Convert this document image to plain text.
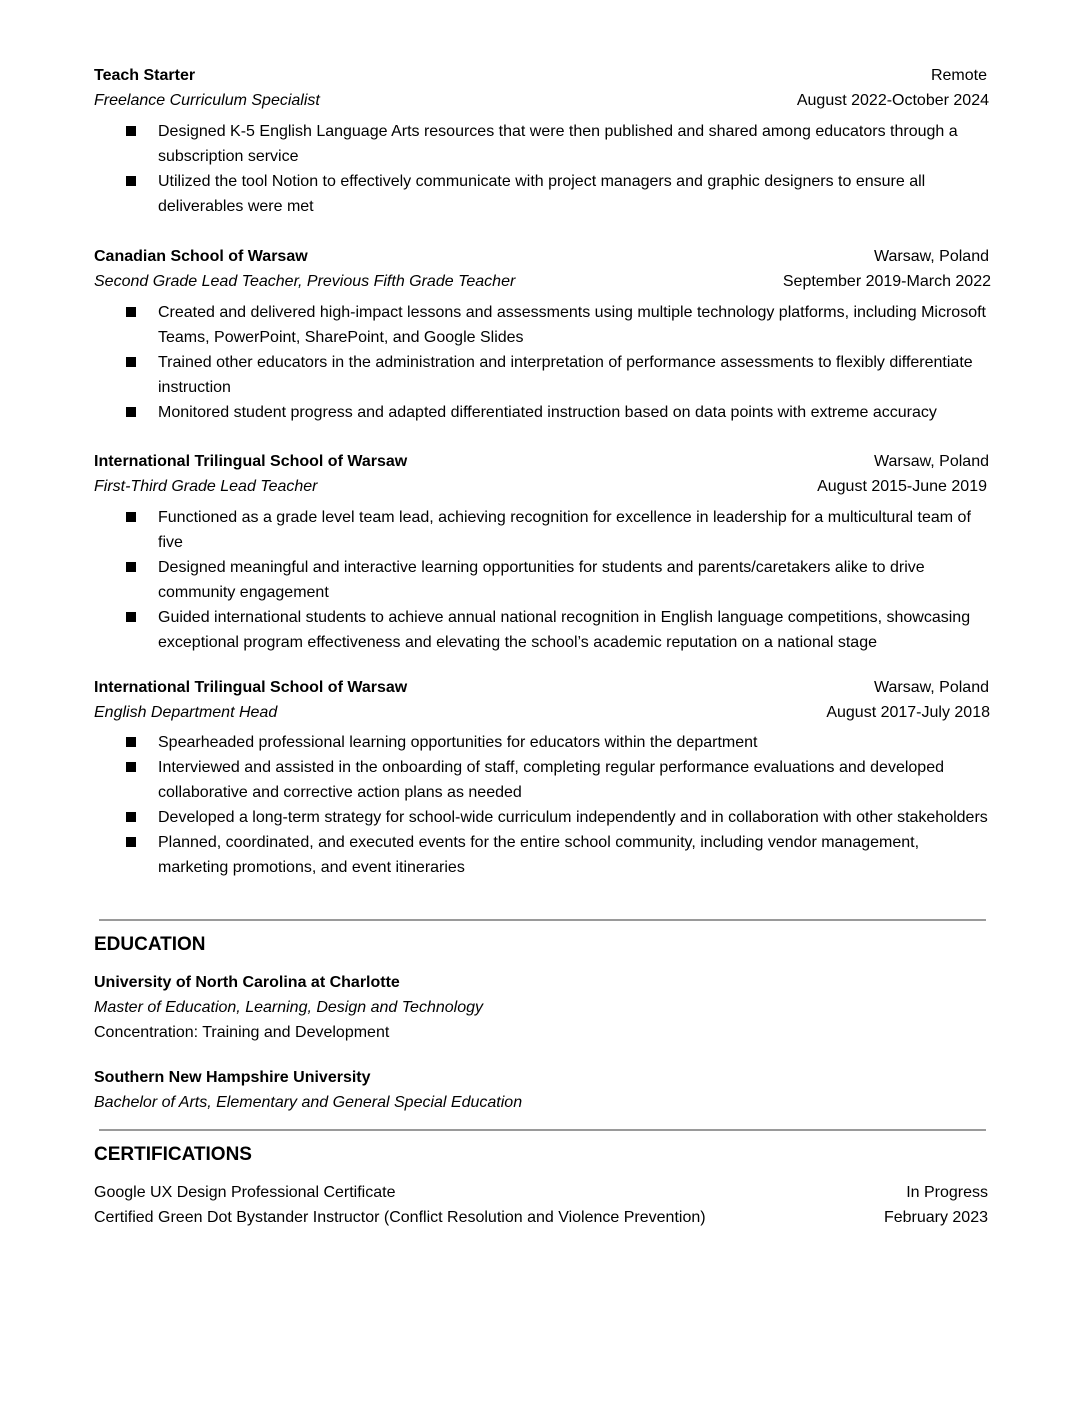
Teach Starter	Remote
Freelance Curriculum Specialist	August 2022-October 2024
Designed K-5 English Language Arts resources that were then published and shared among educators through a subscription service
Utilized the tool Notion to effectively communicate with project managers and graphic designers to ensure all deliverables were met
Canadian School of Warsaw	Warsaw, Poland
Second Grade Lead Teacher, Previous Fifth Grade Teacher	September 2019-March 2022
Created and delivered high-impact lessons and assessments using multiple technology platforms, including Microsoft Teams, PowerPoint, SharePoint, and Google Slides
Trained other educators in the administration and interpretation of performance assessments to flexibly differentiate instruction
Monitored student progress and adapted differentiated instruction based on data points with extreme accuracy
International Trilingual School of Warsaw	Warsaw, Poland
First-Third Grade Lead Teacher	August 2015-June 2019
Functioned as a grade level team lead, achieving recognition for excellence in leadership for a multicultural team of five
Designed meaningful and interactive learning opportunities for students and parents/caretakers alike to drive community engagement
Guided international students to achieve annual national recognition in English language competitions, showcasing exceptional program effectiveness and elevating the school’s academic reputation on a national stage
International Trilingual School of Warsaw	Warsaw, Poland
English Department Head	August 2017-July 2018
Spearheaded professional learning opportunities for educators within the department
Interviewed and assisted in the onboarding of staff, completing regular performance evaluations and developed collaborative and corrective action plans as needed
Developed a long-term strategy for school-wide curriculum independently and in collaboration with other stakeholders
Planned, coordinated, and executed events for the entire school community, including vendor management, marketing promotions, and event itineraries
EDUCATION
University of North Carolina at Charlotte
Master of Education, Learning, Design and Technology
Concentration: Training and Development
Southern New Hampshire University
Bachelor of Arts, Elementary and General Special Education
CERTIFICATIONS
Google UX Design Professional Certificate	In Progress
Certified Green Dot Bystander Instructor (Conflict Resolution and Violence Prevention)	February 2023
